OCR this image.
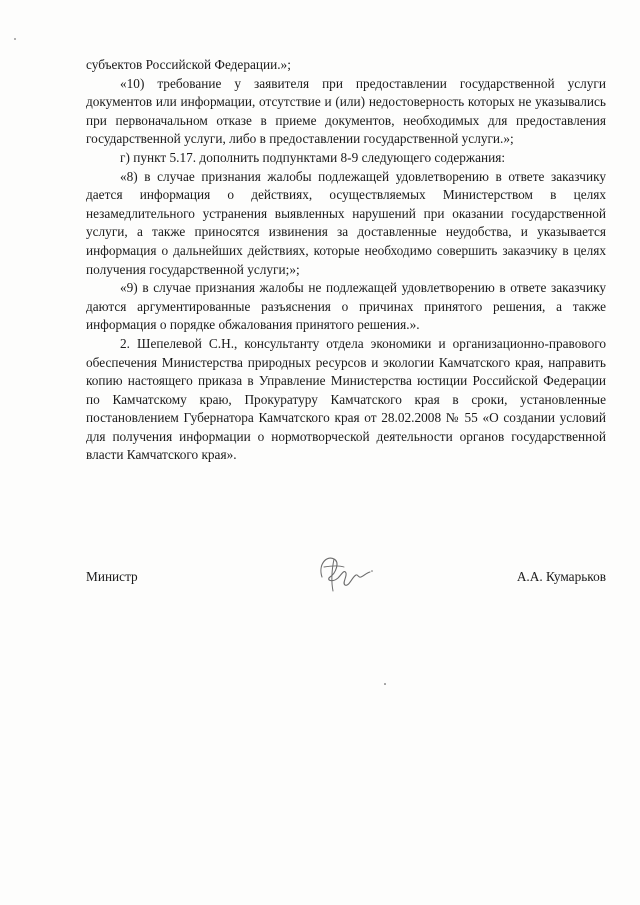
субъектов Российской Федерации.»;

«10) требование у заявителя при предоставлении государственной услуги документов или информации, отсутствие и (или) недостоверность которых не указывались при первоначальном отказе в приеме документов, необходимых для предоставления государственной услуги, либо в предоставлении государственной услуги.»;

г) пункт 5.17. дополнить подпунктами 8-9 следующего содержания:

«8) в случае признания жалобы подлежащей удовлетворению в ответе заказчику дается информация о действиях, осуществляемых Министерством в целях незамедлительного устранения выявленных нарушений при оказании государственной услуги, а также приносятся извинения за доставленные неудобства, и указывается информация о дальнейших действиях, которые необходимо совершить заказчику в целях получения государственной услуги;»;

«9) в случае признания жалобы не подлежащей удовлетворению в ответе заказчику даются аргументированные разъяснения о причинах принятого решения, а также информация о порядке обжалования принятого решения.».

2. Шепелевой С.Н., консультанту отдела экономики и организационно-правового обеспечения Министерства природных ресурсов и экологии Камчатского края, направить копию настоящего приказа в Управление Министерства юстиции Российской Федерации по Камчатскому краю, Прокуратуру Камчатского края в сроки, установленные постановлением Губернатора Камчатского края от 28.02.2008 № 55 «О создании условий для получения информации о нормотворческой деятельности органов государственной власти Камчатского края».

Министр	А.А. Кумарьков
